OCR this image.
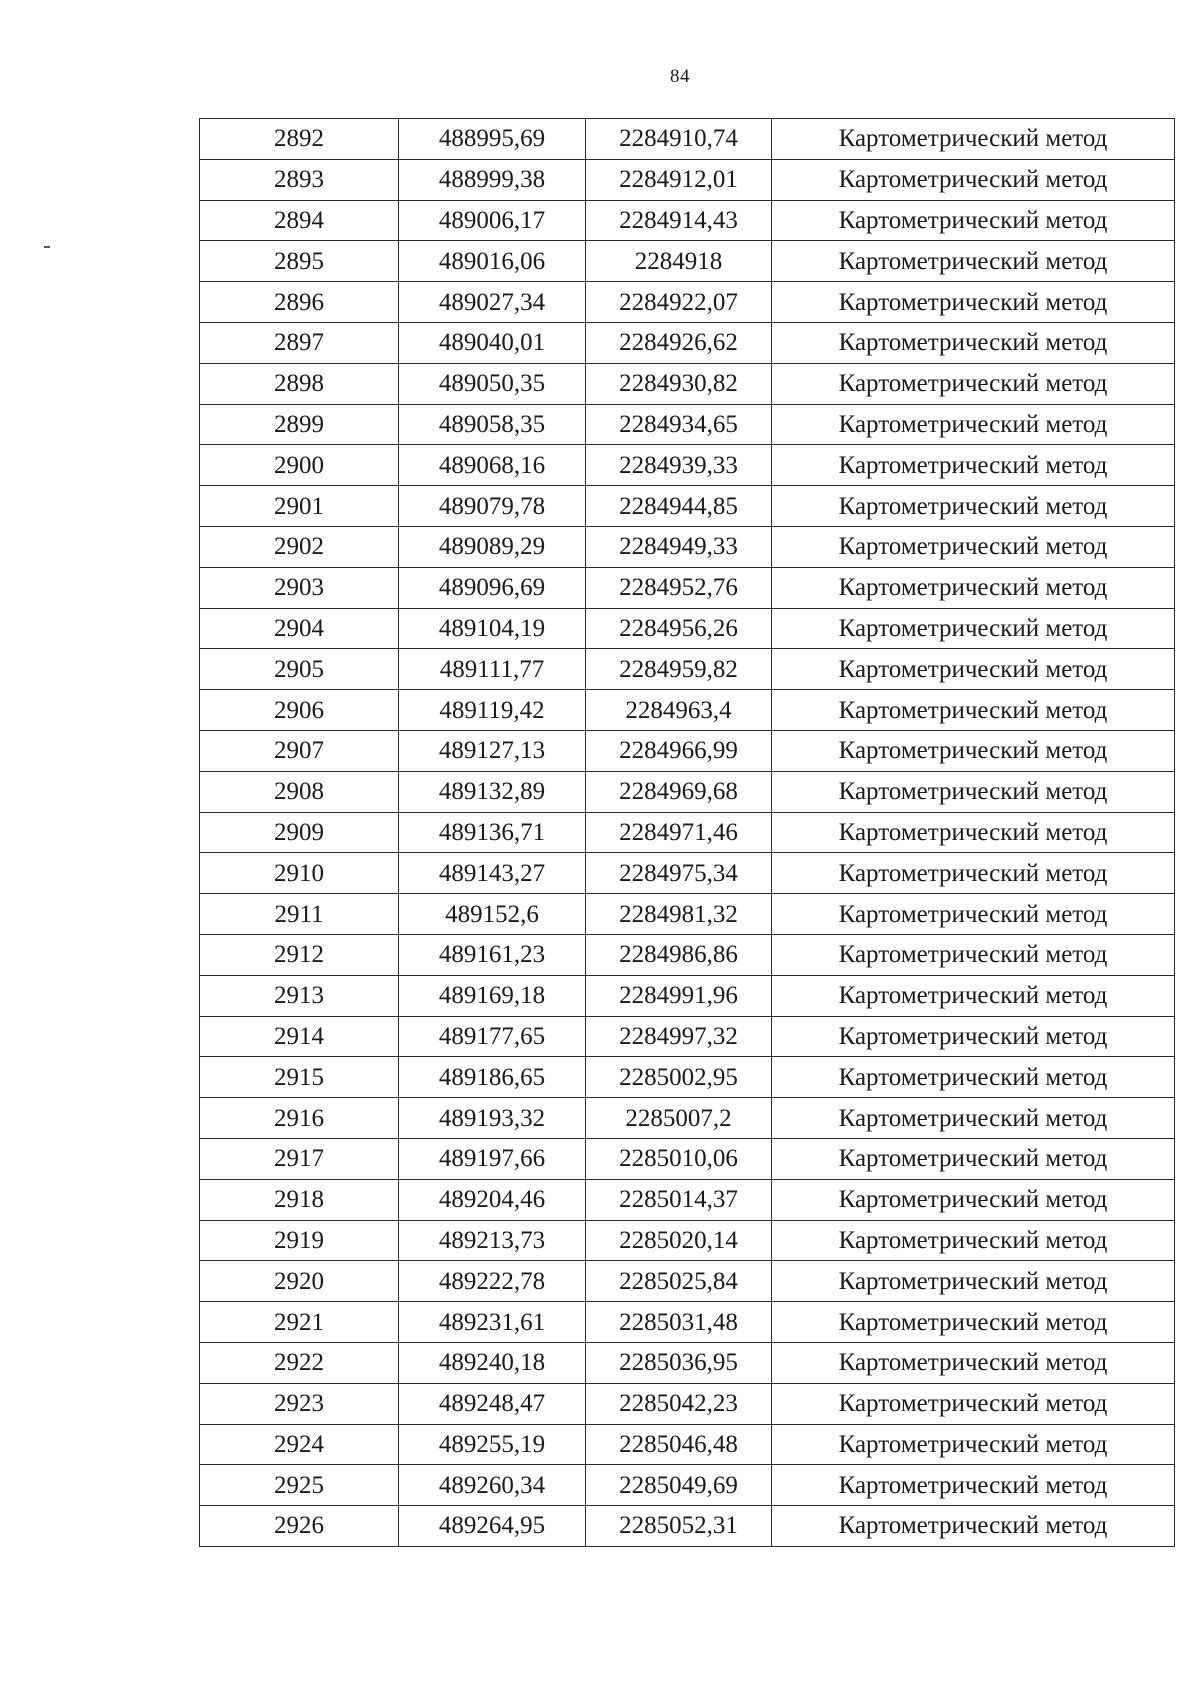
84
2892	488995,69	2284910,74	Картометрический метод
2893	488999,38	2284912,01	Картометрический метод
2894	489006,17	2284914,43	Картометрический метод
2895	489016,06	2284918	Картометрический метод
2896	489027,34	2284922,07	Картометрический метод
2897	489040,01	2284926,62	Картометрический метод
2898	489050,35	2284930,82	Картометрический метод
2899	489058,35	2284934,65	Картометрический метод
2900	489068,16	2284939,33	Картометрический метод
2901	489079,78	2284944,85	Картометрический метод
2902	489089,29	2284949,33	Картометрический метод
2903	489096,69	2284952,76	Картометрический метод
2904	489104,19	2284956,26	Картометрический метод
2905	489111,77	2284959,82	Картометрический метод
2906	489119,42	2284963,4	Картометрический метод
2907	489127,13	2284966,99	Картометрический метод
2908	489132,89	2284969,68	Картометрический метод
2909	489136,71	2284971,46	Картометрический метод
2910	489143,27	2284975,34	Картометрический метод
2911	489152,6	2284981,32	Картометрический метод
2912	489161,23	2284986,86	Картометрический метод
2913	489169,18	2284991,96	Картометрический метод
2914	489177,65	2284997,32	Картометрический метод
2915	489186,65	2285002,95	Картометрический метод
2916	489193,32	2285007,2	Картометрический метод
2917	489197,66	2285010,06	Картометрический метод
2918	489204,46	2285014,37	Картометрический метод
2919	489213,73	2285020,14	Картометрический метод
2920	489222,78	2285025,84	Картометрический метод
2921	489231,61	2285031,48	Картометрический метод
2922	489240,18	2285036,95	Картометрический метод
2923	489248,47	2285042,23	Картометрический метод
2924	489255,19	2285046,48	Картометрический метод
2925	489260,34	2285049,69	Картометрический метод
2926	489264,95	2285052,31	Картометрический метод
